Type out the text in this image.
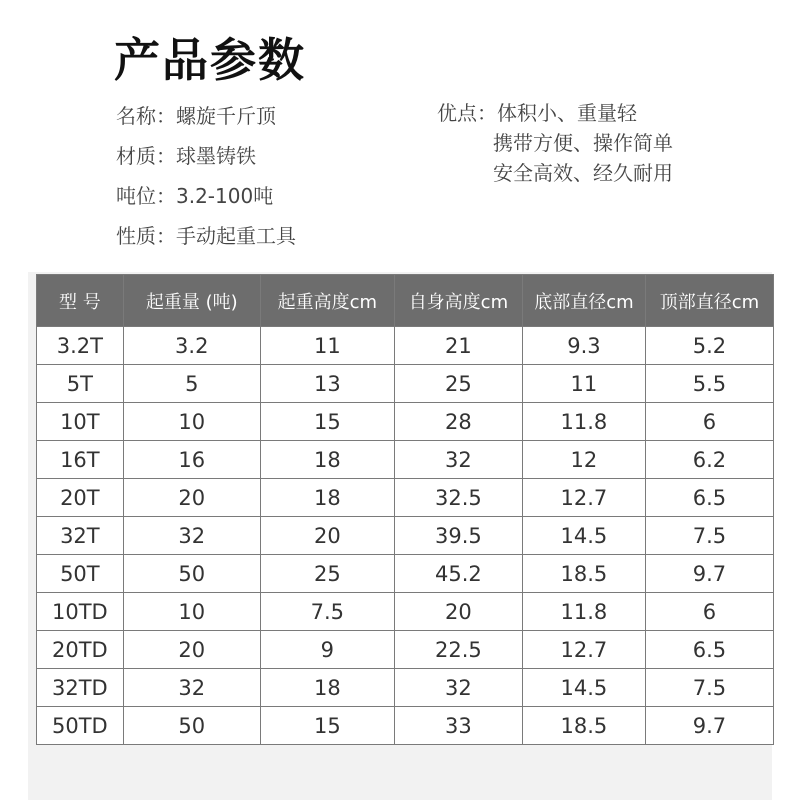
产品参数
名称：螺旋千斤顶
材质：球墨铸铁
吨位：3.2-100吨
性质：手动起重工具
优点：体积小、重量轻
携带方便、操作简单
安全高效、经久耐用
型 号	起重量 (吨)	起重高度cm	自身高度cm	底部直径cm	顶部直径cm
3.2T	3.2	11	21	9.3	5.2
5T	5	13	25	11	5.5
10T	10	15	28	11.8	6
16T	16	18	32	12	6.2
20T	20	18	32.5	12.7	6.5
32T	32	20	39.5	14.5	7.5
50T	50	25	45.2	18.5	9.7
10TD	10	7.5	20	11.8	6
20TD	20	9	22.5	12.7	6.5
32TD	32	18	32	14.5	7.5
50TD	50	15	33	18.5	9.7
